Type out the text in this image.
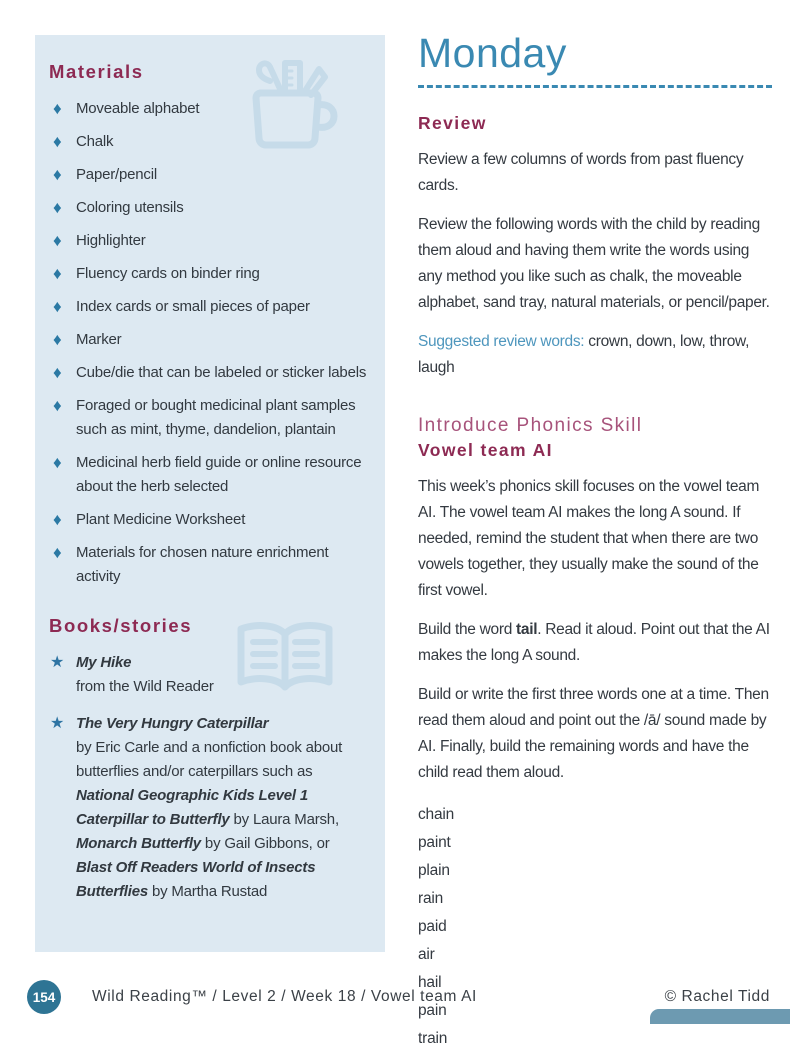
Materials
♦ Moveable alphabet
♦ Chalk
♦ Paper/pencil
♦ Coloring utensils
♦ Highlighter
♦ Fluency cards on binder ring
♦ Index cards or small pieces of paper
♦ Marker
♦ Cube/die that can be labeled or sticker labels
♦ Foraged or bought medicinal plant samples such as mint, thyme, dandelion, plantain
♦ Medicinal herb field guide or online resource about the herb selected
♦ Plant Medicine Worksheet
♦ Materials for chosen nature enrichment activity
Books/stories
★ My Hike
from the Wild Reader
★ The Very Hungry Caterpillar
by Eric Carle and a nonfiction book about butterflies and/or caterpillars such as National Geographic Kids Level 1 Caterpillar to Butterfly by Laura Marsh, Monarch Butterfly by Gail Gibbons, or Blast Off Readers World of Insects Butterflies by Martha Rustad
Monday
Review

Review a few columns of words from past fluency cards.

Review the following words with the child by reading them aloud and having them write the words using any method you like such as chalk, the moveable alphabet, sand tray, natural materials, or pencil/paper.

Suggested review words: crown, down, low, throw, laugh

Introduce Phonics Skill
Vowel team AI

This week’s phonics skill focuses on the vowel team AI. The vowel team AI makes the long A sound. If needed, remind the student that when there are two vowels together, they usually make the sound of the first vowel.

Build the word tail. Read it aloud. Point out that the AI makes the long A sound.

Build or write the first three words one at a time. Then read them aloud and point out the /ā/ sound made by AI. Finally, build the remaining words and have the child read them aloud.

chain
paint
plain
rain
paid
air
hail
pain
train
154	Wild Reading™ / Level 2 / Week 18 / Vowel team AI	© Rachel Tidd
